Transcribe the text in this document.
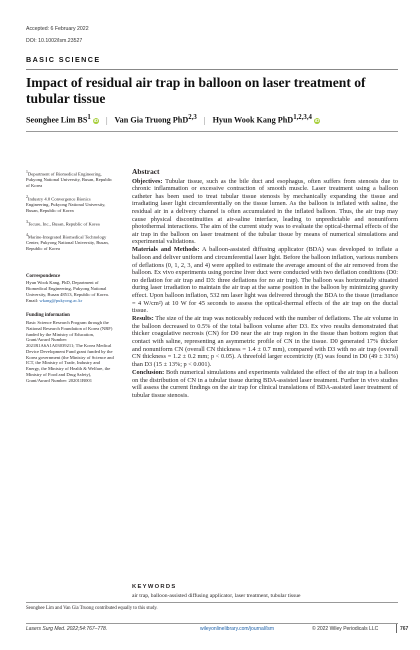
Accepted: 6 February 2022
DOI: 10.1002/lsm.23527
BASIC SCIENCE
Impact of residual air trap in balloon on laser treatment of tubular tissue
Seonghee Lim $BS^1$ iD | Van Gia Truong PhD$^{2,3}$ | Hyun Wook Kang PhD$^{1,2,3,4}$ iD
$^1$Department of Biomedical Engineering, Pukyong National University, Busan, Republic of Korea
$^2$Industry 4.0 Convergence Bionics Engineering, Pukyong National University, Busan, Republic of Korea
$^3$Tecure, Inc., Busan, Republic of Korea
$^4$Marine-Integrated Biomedical Technology Center, Pukyong National University, Busan, Republic of Korea
Correspondence
Hyun Wook Kang, PhD, Department of Biomedical Engineering, Pukyong National University, Busan 48513, Republic of Korea. Email: wkang@pukyong.ac.kr
Funding information
Basic Science Research Program through the National Research Foundation of Korea (NRF) funded by the Ministry of Education, Grant/Award Number: 2021R1A6A1A03039211; The Korea Medical Device Development Fund grant funded by the Korea government (the Ministry of Science and ICT, the Ministry of Trade, Industry and Energy, the Ministry of Health & Welfare, the Ministry of Food and Drug Safety), Grant/Award Number: 202011B001
Abstract

Objectives: Tubular tissue, such as the bile duct and esophagus, often suffers from stenosis due to chronic inflammation or excessive contraction of smooth muscle. Laser treatment using a balloon catheter has been used to treat tubular tissue stenosis by mechanically expanding the tissue and irradiating laser light circumferentially on the tissue lumen. As the balloon is inflated with saline, the residual air in a delivery channel is often accumulated in the inflated balloon. Thus, the air trap may cause physical discontinuities at air-saline interface, leading to unpredictable and nonuniform photothermal interactions. The aim of the current study was to evaluate the optical-thermal effects of the air trap in the balloon on laser treatment of the tubular tissue by means of numerical simulations and experimental validations.

Materials and Methods: A balloon-assisted diffusing applicator (BDA) was developed to inflate a balloon and deliver uniform and circumferential laser light. Before the balloon inflation, various numbers of deflations (0, 1, 2, 3, and 4) were applied to estimate the average amount of the air removed from the balloon. Ex vivo experiments using porcine liver duct were conducted with two deflation conditions (D0: no deflation for air trap and D3: three deflations for no air trap). The balloon was horizontally situated during laser irradiation to maintain the air trap at the same position in the balloon by minimizing gravity effect. Upon balloon inflation, 532 nm laser light was delivered through the BDA to the tissue (irradiance = 4 W/cm²) at 10 W for 45 seconds to assess the optical-thermal effects of the air trap on the ductal tissue.

Results: The size of the air trap was noticeably reduced with the number of deflations. The air volume in the balloon decreased to 0.5% of the total balloon volume after D3. Ex vivo results demonstrated that thicker coagulative necrosis (CN) for D0 near the air trap region in the tissue than bottom region that contact with saline, representing an asymmetric profile of CN in the tissue. D0 generated 17% thicker and nonuniform CN (overall CN thickness = 1.4 ± 0.7 mm), compared with D3 with no air trap (overall CN thickness = 1.2 ± 0.2 mm; p < 0.05). A threefold larger eccentricity (E) was found in D0 (49 ± 31%) than D3 (15 ± 13%; p < 0.001).

Conclusion: Both numerical simulations and experiments validated the effect of the air trap in a balloon on the distribution of CN in a tubular tissue during BDA-assisted laser treatment. Further in vivo studies will assess the current findings on the air trap for clinical translations of BDA-assisted laser treatment of tubular tissue stenosis.

KEYWORDS
air trap, balloon-assisted diffusing applicator, laser treatment, tubular tissue
Seonghee Lim and Van Gia Truong contributed equally to this study.
Lasers Surg Med. 2022;54:767–778.	wileyonlinelibrary.com/journal/lsm	© 2022 Wiley Periodicals LLC	767
